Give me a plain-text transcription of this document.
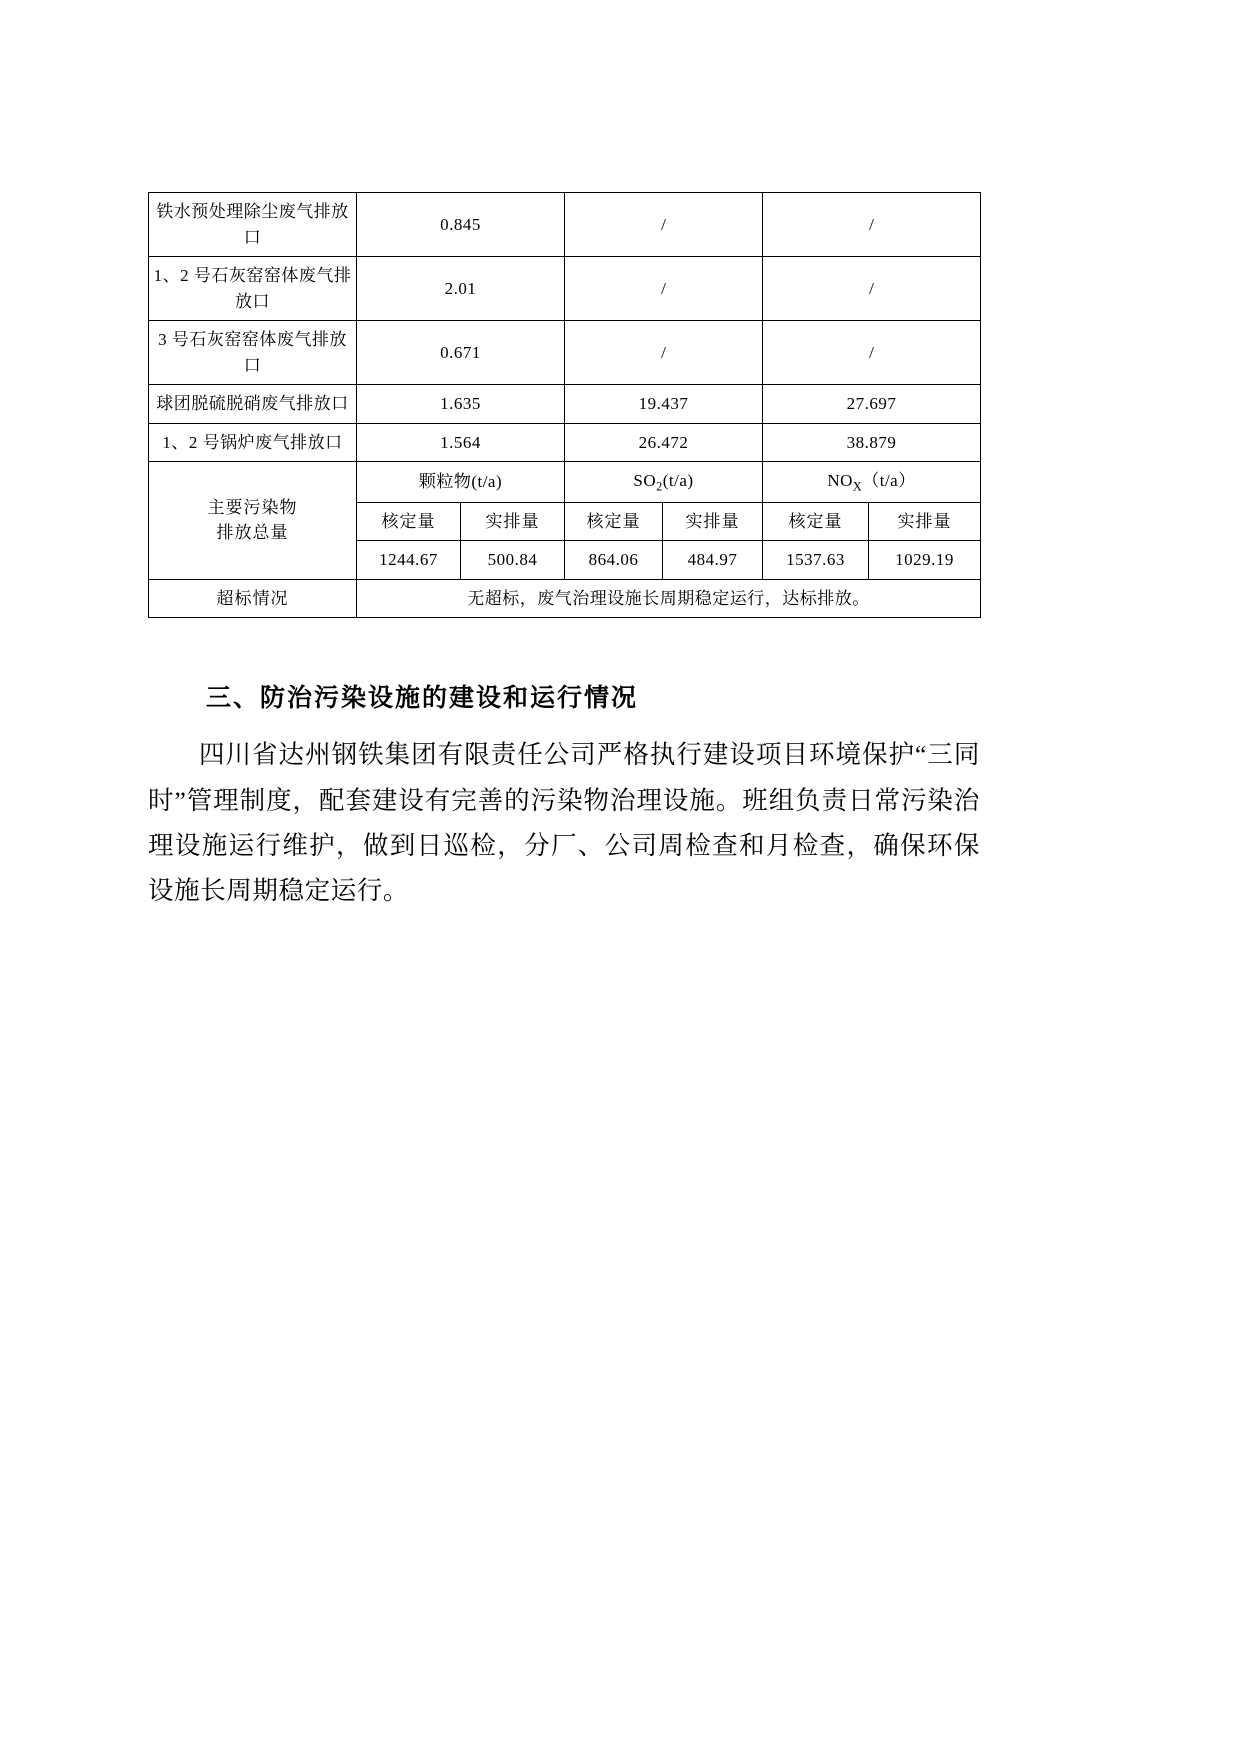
铁水预处理除尘废气排放口	0.845		/		/	
1、2 号石灰窑窑体废气排放口	2.01		/		/	
3 号石灰窑窑体废气排放口	0.671		/		/	
球团脱硫脱硝废气排放口	1.635		19.437		27.697	
1、2 号锅炉废气排放口	1.564		26.472		38.879	

主要污染物
排放总量	颗粒物(t/a)		$SO_2(t/a)$		$NO_X(t/a)$	
	核定量	实排量	核定量	实排量	核定量	实排量
	1244.67	500.84	864.06	484.97	1537.63	1029.19
超标情况	无超标，废气治理设施长周期稳定运行，达标排放。					
三、防治污染设施的建设和运行情况
四川省达州钢铁集团有限责任公司严格执行建设项目环境保护“三同时”管理制度，配套建设有完善的污染物治理设施。班组负责日常污染治理设施运行维护，做到日巡检，分厂、公司周检查和月检查，确保环保设施长周期稳定运行。
